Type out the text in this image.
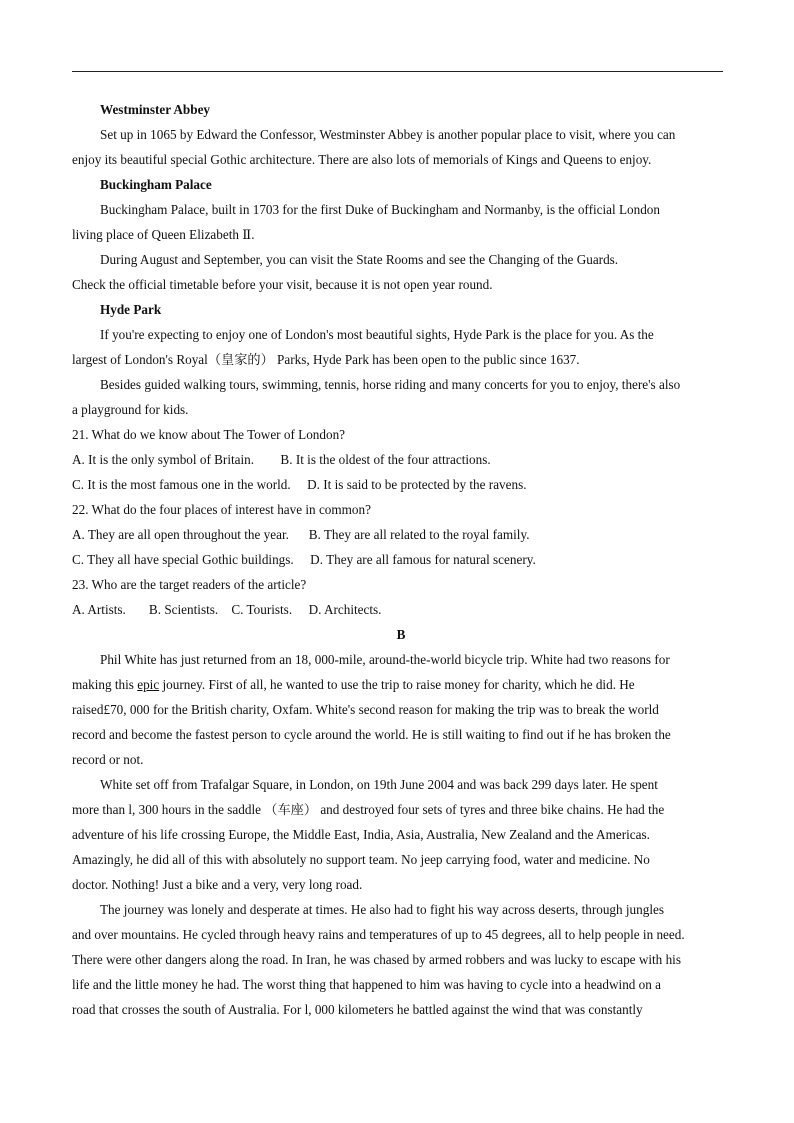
Westminster Abbey
Set up in 1065 by Edward the Confessor, Westminster Abbey is another popular place to visit, where you can
enjoy its beautiful special Gothic architecture. There are also lots of memorials of Kings and Queens to enjoy.
Buckingham Palace
Buckingham Palace, built in 1703 for the first Duke of Buckingham and Normanby, is the official London
living place of Queen Elizabeth Ⅱ.
During August and September, you can visit the State Rooms and see the Changing of the Guards.
Check the official timetable before your visit, because it is not open year round.
Hyde Park
If you're expecting to enjoy one of London's most beautiful sights, Hyde Park is the place for you. As the
largest of London's Royal（皇家的） Parks, Hyde Park has been open to the public since 1637.
Besides guided walking tours, swimming, tennis, horse riding and many concerts for you to enjoy, there's also
a playground for kids.
21. What do we know about The Tower of London?
A. It is the only symbol of Britain.        B. It is the oldest of the four attractions.
C. It is the most famous one in the world.     D. It is said to be protected by the ravens.
22. What do the four places of interest have in common?
A. They are all open throughout the year.      B. They are all related to the royal family.
C. They all have special Gothic buildings.     D. They are all famous for natural scenery.
23. Who are the target readers of the article?
A. Artists.       B. Scientists.    C. Tourists.     D. Architects.
B
Phil White has just returned from an 18, 000-mile, around-the-world bicycle trip. White had two reasons for
making this epic journey. First of all, he wanted to use the trip to raise money for charity, which he did. He
raised£70, 000 for the British charity, Oxfam. White's second reason for making the trip was to break the world
record and become the fastest person to cycle around the world. He is still waiting to find out if he has broken the
record or not.
White set off from Trafalgar Square, in London, on 19th June 2004 and was back 299 days later. He spent
more than l, 300 hours in the saddle （车座） and destroyed four sets of tyres and three bike chains. He had the
adventure of his life crossing Europe, the Middle East, India, Asia, Australia, New Zealand and the Americas.
Amazingly, he did all of this with absolutely no support team. No jeep carrying food, water and medicine. No
doctor. Nothing! Just a bike and a very, very long road.
The journey was lonely and desperate at times. He also had to fight his way across deserts, through jungles
and over mountains. He cycled through heavy rains and temperatures of up to 45 degrees, all to help people in need.
There were other dangers along the road. In Iran, he was chased by armed robbers and was lucky to escape with his
life and the little money he had. The worst thing that happened to him was having to cycle into a headwind on a
road that crosses the south of Australia. For l, 000 kilometers he battled against the wind that was constantly
